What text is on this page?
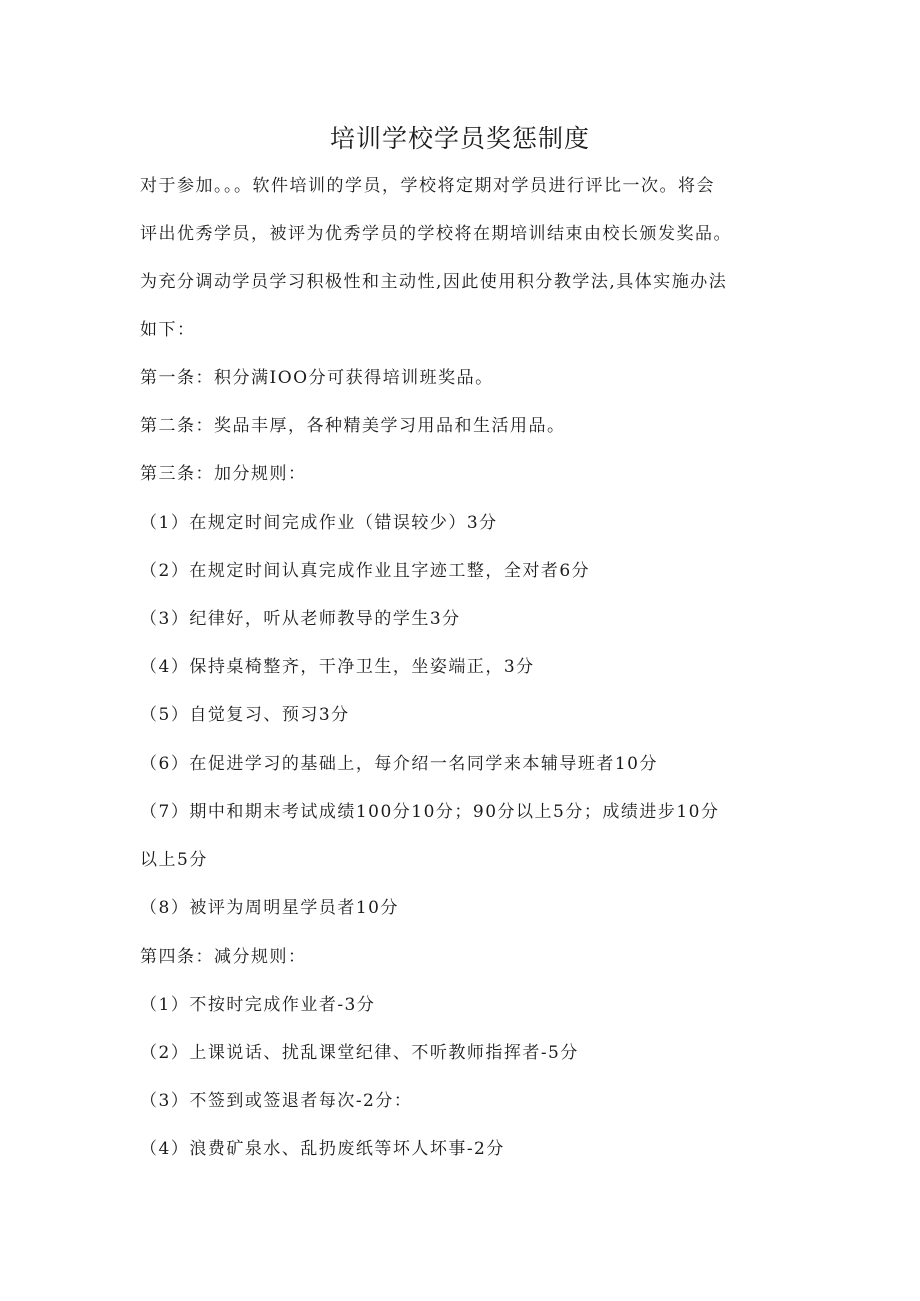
培训学校学员奖惩制度
对于参加。。。软件培训的学员，学校将定期对学员进行评比一次。将会
评出优秀学员，被评为优秀学员的学校将在期培训结束由校长颁发奖品。
为充分调动学员学习积极性和主动性,因此使用积分教学法,具体实施办法
如下：
第一条：积分满IOO分可获得培训班奖品。
第二条：奖品丰厚，各种精美学习用品和生活用品。
第三条：加分规则：
（1）在规定时间完成作业（错误较少）3分
（2）在规定时间认真完成作业且字迹工整，全对者6分
（3）纪律好，听从老师教导的学生3分
（4）保持桌椅整齐，干净卫生，坐姿端正，3分
（5）自觉复习、预习3分
（6）在促进学习的基础上，每介绍一名同学来本辅导班者10分
（7）期中和期末考试成绩100分10分；90分以上5分；成绩进步10分
以上5分
（8）被评为周明星学员者10分
第四条：减分规则：
（1）不按时完成作业者-3分
（2）上课说话、扰乱课堂纪律、不听教师指挥者-5分
（3）不签到或签退者每次-2分：
（4）浪费矿泉水、乱扔废纸等坏人坏事-2分
